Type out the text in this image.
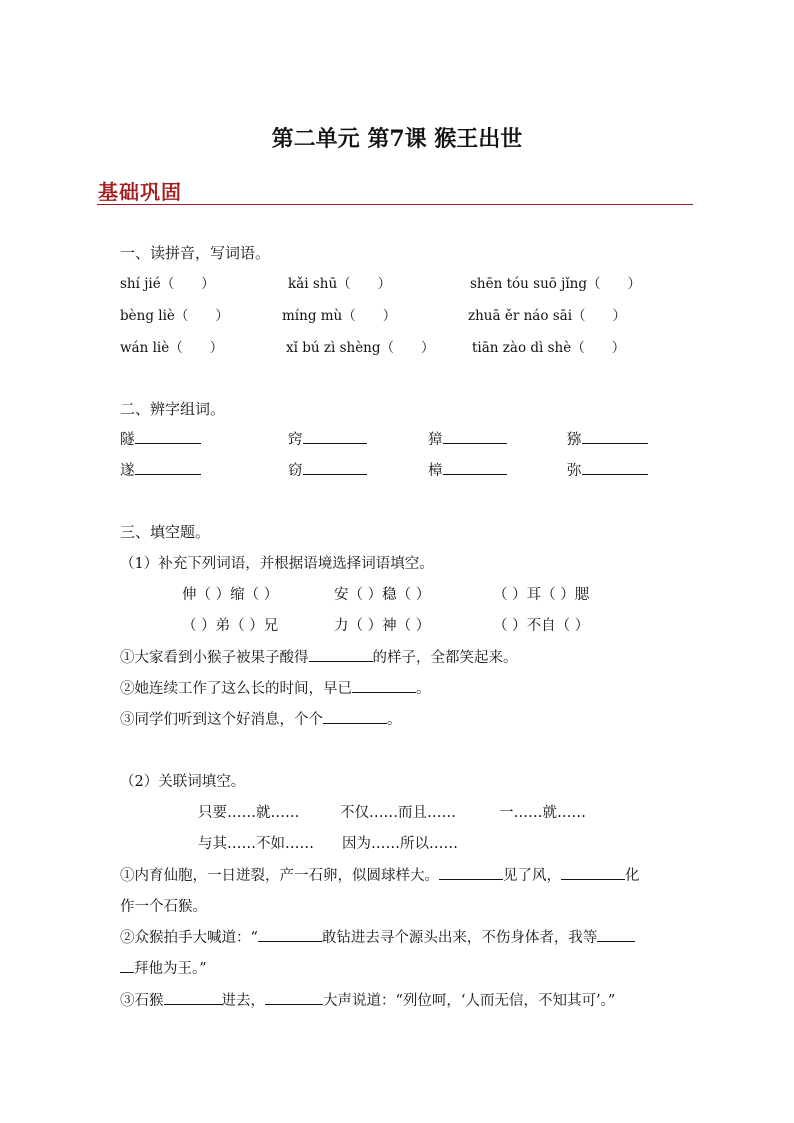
第二单元 第7课 猴王出世
基础巩固
一、读拼音，写词语。
shí jié（　　）	kǎi shū（　　）	shēn tóu suō jǐng（　　）
bèng liè（　　）	míng mù（　　）	zhuā ěr náo sāi（　　）
wán liè（　　）	xǐ bú zì shèng（　　）	tiān zào dì shè（　　）
二、辨字组词。
隧	窍	獐	猕
遂	窃	樟	弥
三、填空题。
（1）补充下列词语，并根据语境选择词语填空。
伸（ ）缩（ ）	安（ ）稳（ ）	（ ）耳（ ）腮
（ ）弟（ ）兄	力（ ）神（ ）	（ ）不自（ ）
①大家看到小猴子被果子酸得	的样子，全都笑起来。
②她连续工作了这么长的时间，早已	。
③同学们听到这个好消息，个个	。
（2）关联词填空。
只要……就……	不仅……而且……	一……就……
与其……不如…… 因为……所以……
①内育仙胞，一日迸裂，产一石卵，似圆球样大。	见了风，	化
作一个石猴。
②众猴拍手大喊道：“	敢钻进去寻个源头出来，不伤身体者，我等
拜他为王。”
③石猴	进去，	大声说道：“列位呵，‘人而无信，不知其可’。”
